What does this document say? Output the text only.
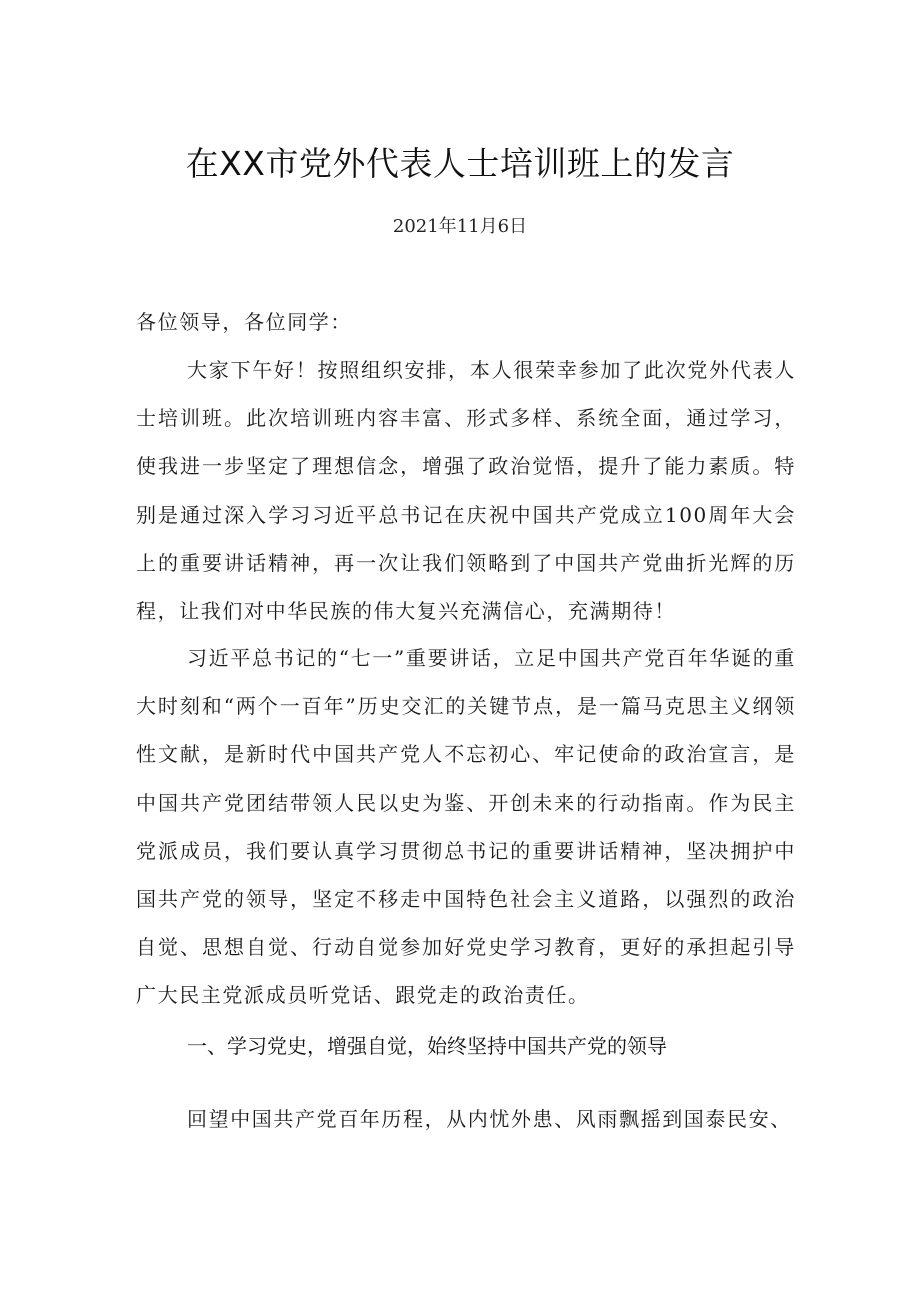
在XX市党外代表人士培训班上的发言
2021年11月6日
各位领导，各位同学：
大家下午好！按照组织安排，本人很荣幸参加了此次党外代表人士培训班。此次培训班内容丰富、形式多样、系统全面，通过学习，使我进一步坚定了理想信念，增强了政治觉悟，提升了能力素质。特别是通过深入学习习近平总书记在庆祝中国共产党成立100周年大会上的重要讲话精神，再一次让我们领略到了中国共产党曲折光辉的历程，让我们对中华民族的伟大复兴充满信心，充满期待！
习近平总书记的“七一”重要讲话，立足中国共产党百年华诞的重大时刻和“两个一百年”历史交汇的关键节点，是一篇马克思主义纲领性文献，是新时代中国共产党人不忘初心、牢记使命的政治宣言，是中国共产党团结带领人民以史为鉴、开创未来的行动指南。作为民主党派成员，我们要认真学习贯彻总书记的重要讲话精神，坚决拥护中国共产党的领导，坚定不移走中国特色社会主义道路，以强烈的政治自觉、思想自觉、行动自觉参加好党史学习教育，更好的承担起引导广大民主党派成员听党话、跟党走的政治责任。
一、学习党史，增强自觉，始终坚持中国共产党的领导
回望中国共产党百年历程，从内忧外患、风雨飘摇到国泰民安、
